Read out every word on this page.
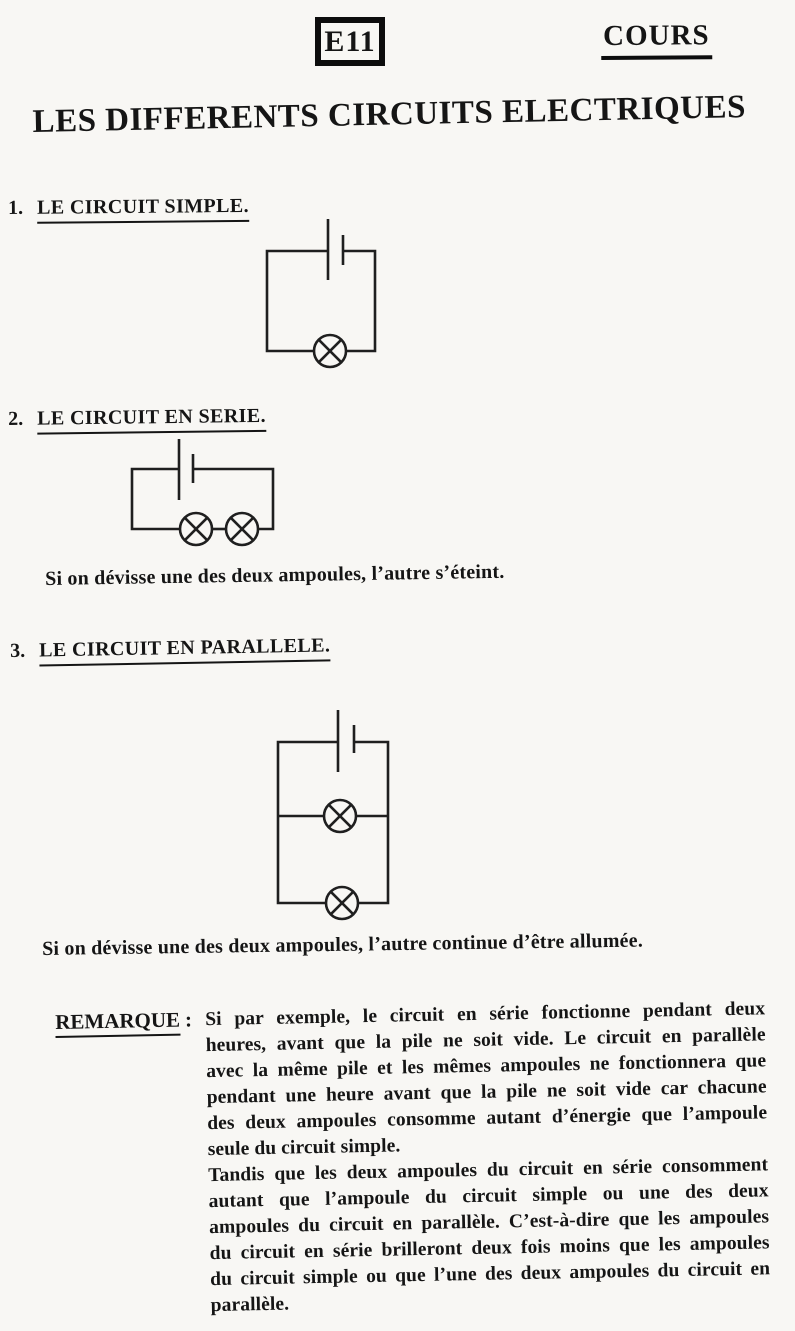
E11	COURS
LES DIFFERENTS CIRCUITS ELECTRIQUES
1. LE CIRCUIT SIMPLE.
2. LE CIRCUIT EN SERIE.
Si on dévisse une des deux ampoules, l’autre s’éteint.
3. LE CIRCUIT EN PARALLELE.
Si on dévisse une des deux ampoules, l’autre continue d’être allumée.
REMARQUE : Si par exemple, le circuit en série fonctionne pendant deux
heures, avant que la pile ne soit vide. Le circuit en parallèle
avec la même pile et les mêmes ampoules ne fonctionnera que
pendant une heure avant que la pile ne soit vide car chacune
des deux ampoules consomme autant d’énergie que l’ampoule
seule du circuit simple.
Tandis que les deux ampoules du circuit en série consomment
autant que l’ampoule du circuit simple ou une des deux
ampoules du circuit en parallèle. C’est-à-dire que les ampoules
du circuit en série brilleront deux fois moins que les ampoules
du circuit simple ou que l’une des deux ampoules du circuit en
parallèle.
